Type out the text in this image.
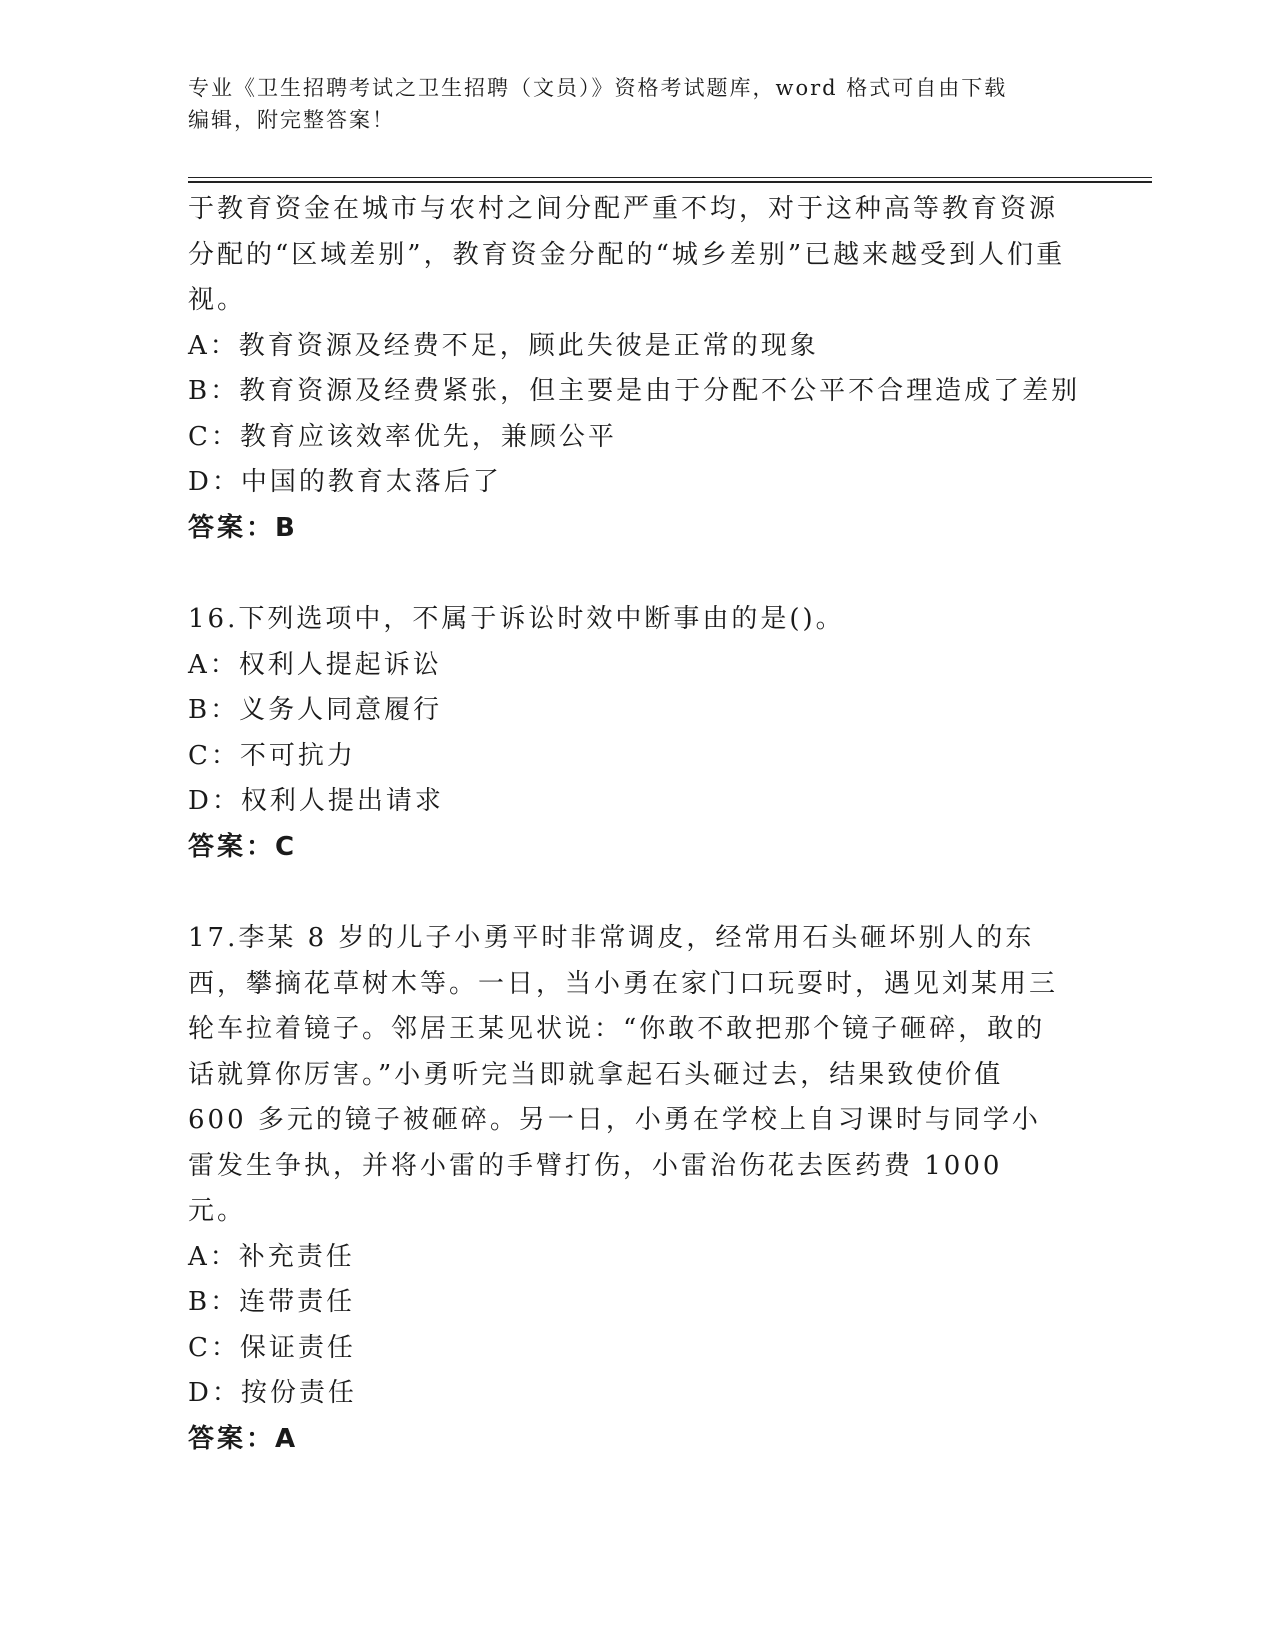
专业《卫生招聘考试之卫生招聘（文员）》资格考试题库，word 格式可自由下载
编辑，附完整答案！

于教育资金在城市与农村之间分配严重不均，对于这种高等教育资源分配的“区域差别”，教育资金分配的“城乡差别”已越来越受到人们重视。

A：教育资源及经费不足，顾此失彼是正常的现象

B：教育资源及经费紧张，但主要是由于分配不公平不合理造成了差别

C：教育应该效率优先，兼顾公平

D：中国的教育太落后了

答案：B

16.下列选项中，不属于诉讼时效中断事由的是()。

A：权利人提起诉讼

B：义务人同意履行

C：不可抗力

D：权利人提出请求

答案：C

17.李某 8 岁的儿子小勇平时非常调皮，经常用石头砸坏别人的东西，攀摘花草树木等。一日，当小勇在家门口玩耍时，遇见刘某用三轮车拉着镜子。邻居王某见状说：“你敢不敢把那个镜子砸碎，敢的话就算你厉害。”小勇听完当即就拿起石头砸过去，结果致使价值 600 多元的镜子被砸碎。另一日，小勇在学校上自习课时与同学小雷发生争执，并将小雷的手臂打伤，小雷治伤花去医药费 1000 元。

A：补充责任

B：连带责任

C：保证责任

D：按份责任

答案：A
